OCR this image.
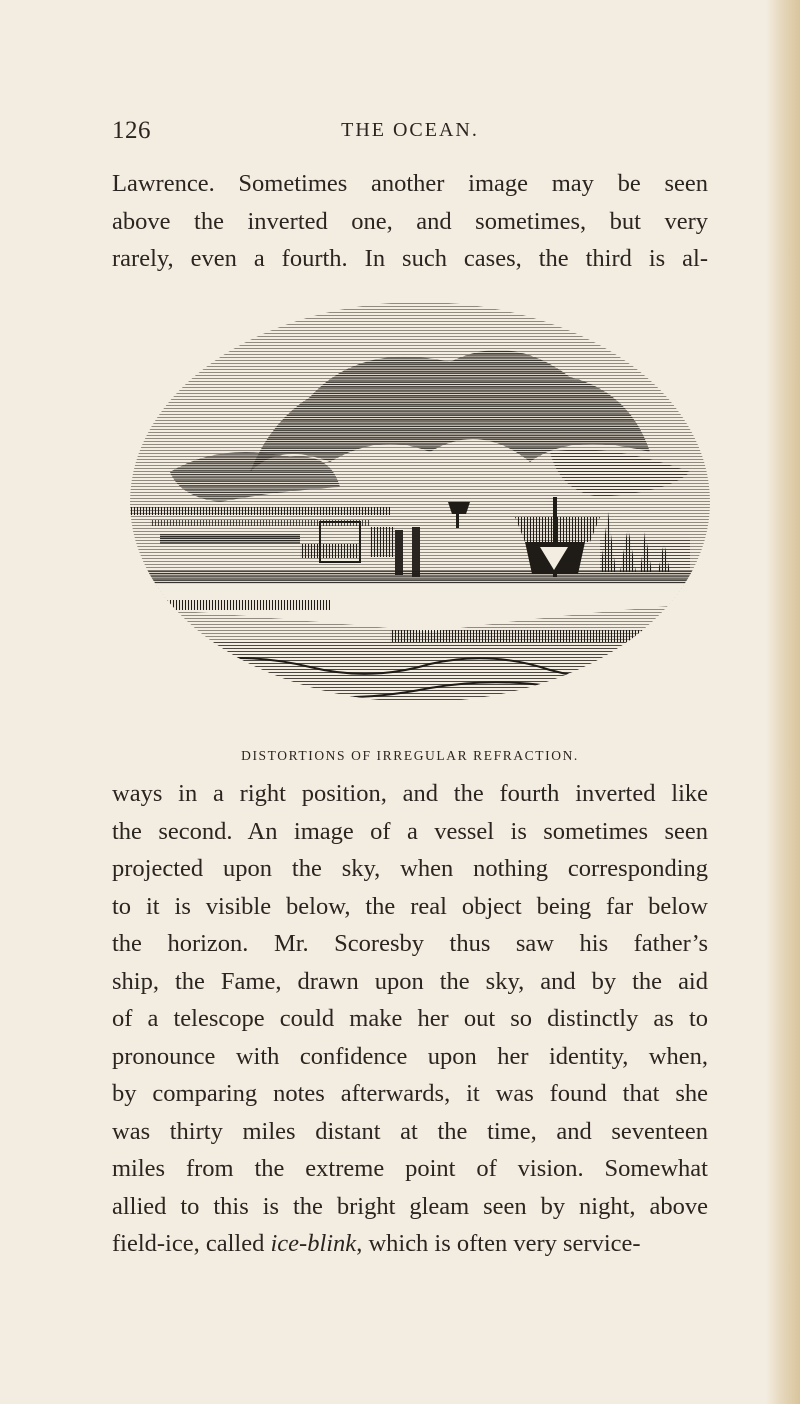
126	THE OCEAN.
Lawrence. Sometimes another image may be seen
above the inverted one, and sometimes, but very
rarely, even a fourth. In such cases, the third is al-
DISTORTIONS OF IRREGULAR REFRACTION.
ways in a right position, and the fourth inverted like
the second. An image of a vessel is sometimes seen
projected upon the sky, when nothing corresponding
to it is visible below, the real object being far below
the horizon. Mr. Scoresby thus saw his father’s
ship, the Fame, drawn upon the sky, and by the aid
of a telescope could make her out so distinctly as to
pronounce with confidence upon her identity, when,
by comparing notes afterwards, it was found that she
was thirty miles distant at the time, and seventeen
miles from the extreme point of vision. Somewhat
allied to this is the bright gleam seen by night, above
field-ice, called ice-blink, which is often very service-
